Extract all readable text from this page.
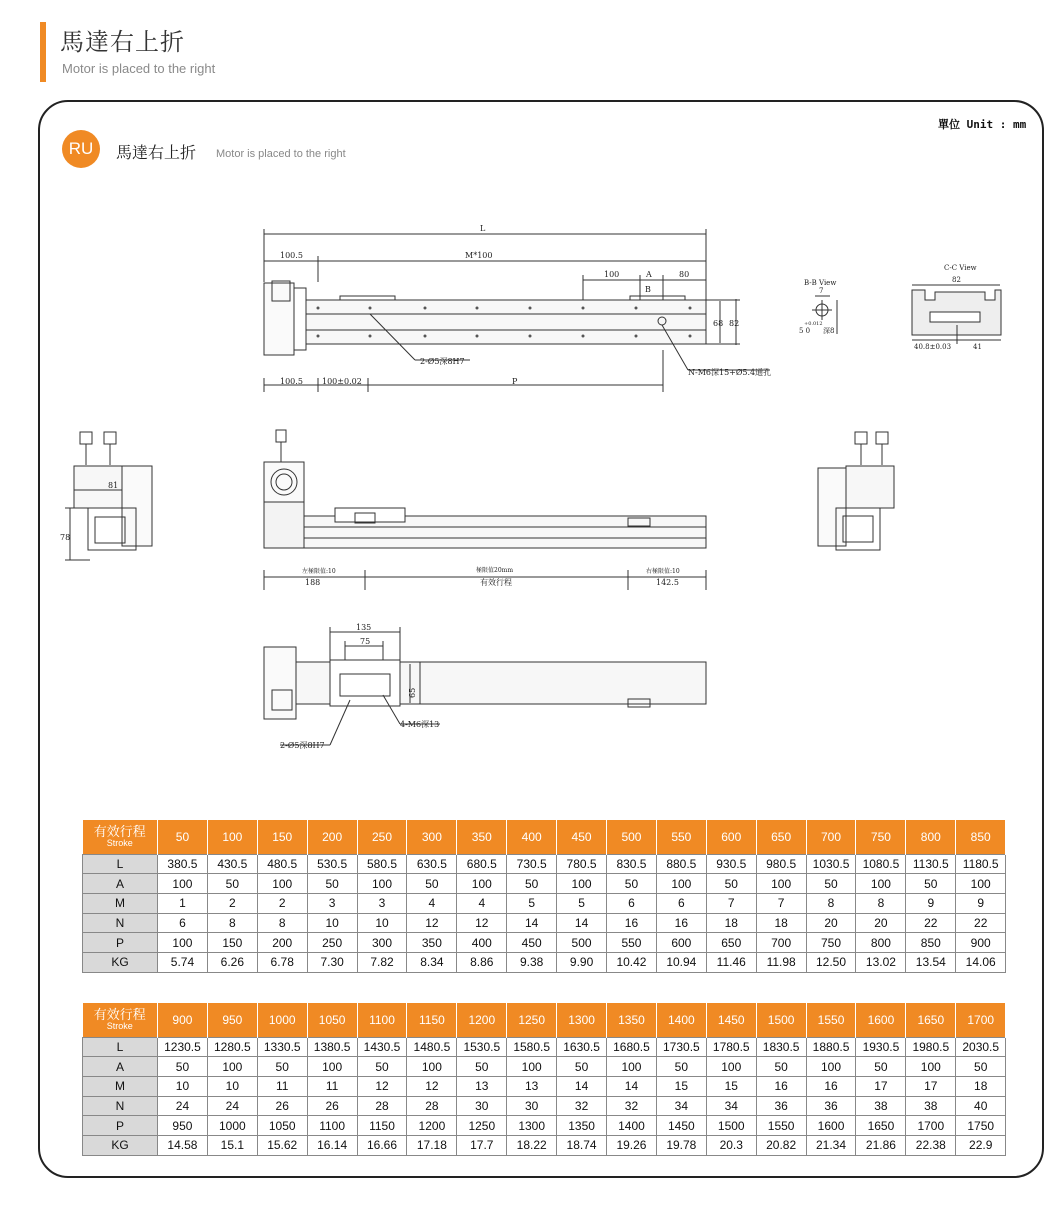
馬達右上折
Motor is placed to the right
單位 Unit : mm
RU	馬達右上折 Motor is placed to the right
L
100.5	M*100
100	A	80
B
68 82
2-Ø5深8H7
N-M6深15+Ø5.4通孔
100.5 100±0.02	P
B-B View
7
+0.012
5 0 深8
C-C View
82
40.8±0.03	41
78
81
左極限值:10	極限值20mm	右極限值:10
188	有效行程	142.5
135
75
65
4-M6深13
2-Ø5深8H7
有效行程
Stroke	50	100	150	200	250	300	350	400	450	500	550	600	650	700	750	800	850
L	380.5	430.5	480.5	530.5	580.5	630.5	680.5	730.5	780.5	830.5	880.5	930.5	980.5	1030.5	1080.5	1130.5	1180.5
A	100	50	100	50	100	50	100	50	100	50	100	50	100	50	100	50	100
M	1	2	2	3	3	4	4	5	5	6	6	7	7	8	8	9	9
N	6	8	8	10	10	12	12	14	14	16	16	18	18	20	20	22	22
P	100	150	200	250	300	350	400	450	500	550	600	650	700	750	800	850	900
KG	5.74	6.26	6.78	7.30	7.82	8.34	8.86	9.38	9.90	10.42	10.94	11.46	11.98	12.50	13.02	13.54	14.06
有效行程
Stroke	900	950	1000	1050	1100	1150	1200	1250	1300	1350	1400	1450	1500	1550	1600	1650	1700
L	1230.5	1280.5	1330.5	1380.5	1430.5	1480.5	1530.5	1580.5	1630.5	1680.5	1730.5	1780.5	1830.5	1880.5	1930.5	1980.5	2030.5
A	50	100	50	100	50	100	50	100	50	100	50	100	50	100	50	100	50
M	10	10	11	11	12	12	13	13	14	14	15	15	16	16	17	17	18
N	24	24	26	26	28	28	30	30	32	32	34	34	36	36	38	38	40
P	950	1000	1050	1100	1150	1200	1250	1300	1350	1400	1450	1500	1550	1600	1650	1700	1750
KG	14.58	15.1	15.62	16.14	16.66	17.18	17.7	18.22	18.74	19.26	19.78	20.3	20.82	21.34	21.86	22.38	22.9
